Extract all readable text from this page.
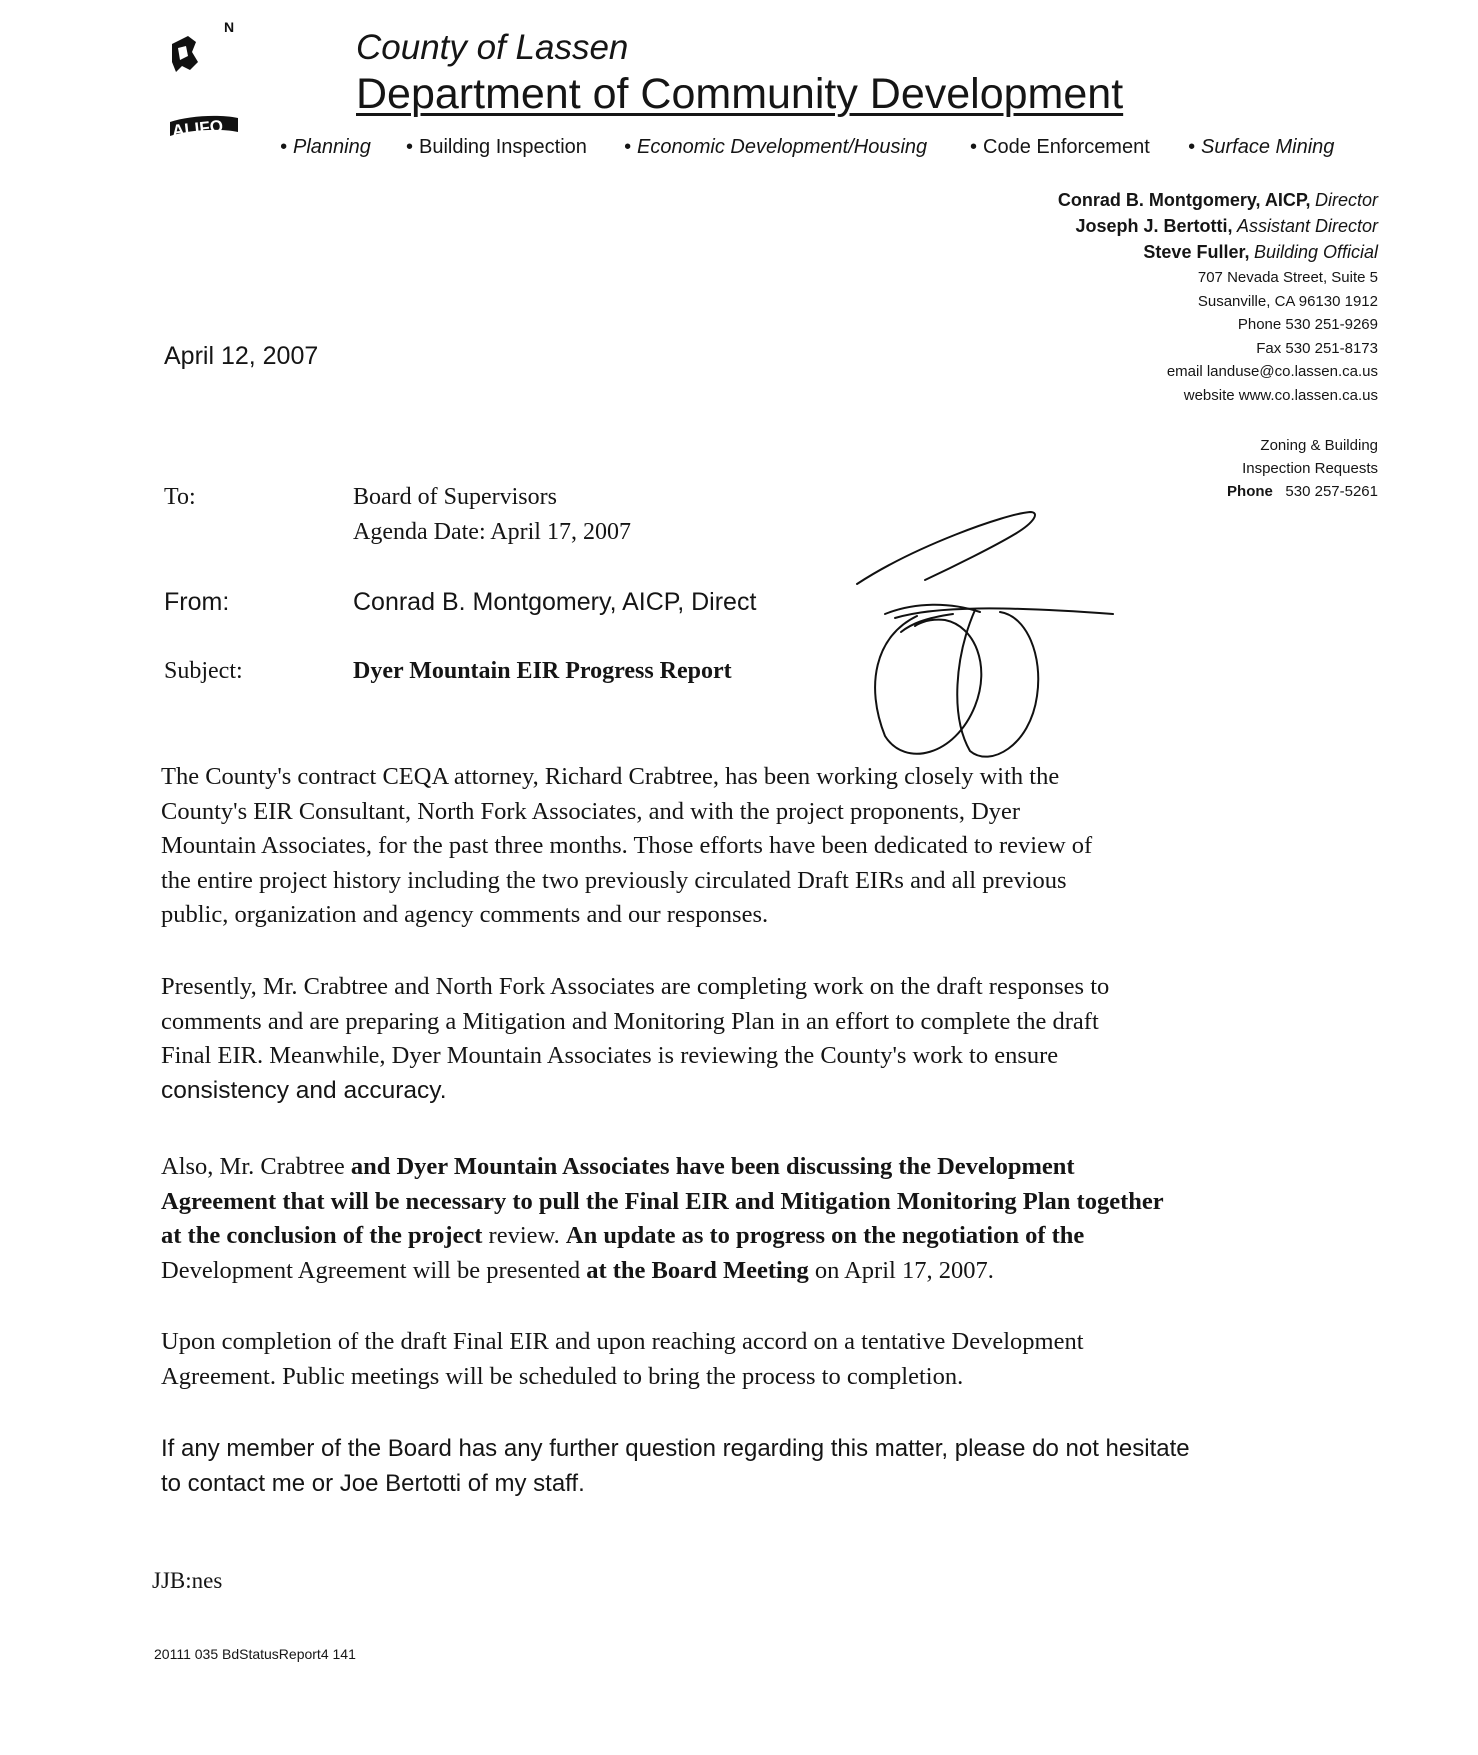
N
ALIFO
County of Lassen
Department of Community Development
• Planning • Building Inspection • Economic Development/Housing • Code Enforcement • Surface Mining
Conrad B. Montgomery, AICP, Director
Joseph J. Bertotti, Assistant Director
Steve Fuller, Building Official
707 Nevada Street, Suite 5
Susanville, CA 96130 1912
Phone 530 251-9269
Fax 530 251-8173
email landuse@co.lassen.ca.us
website www.co.lassen.ca.us
Zoning & Building
Inspection Requests
Phone 530 257-5261
April 12, 2007
To:	Board of Supervisors
Agenda Date: April 17, 2007
From:	Conrad B. Montgomery, AICP, Direct
Subject:	Dyer Mountain EIR Progress Report
The County's contract CEQA attorney, Richard Crabtree, has been working closely with the
County's EIR Consultant, North Fork Associates, and with the project proponents, Dyer
Mountain Associates, for the past three months. Those efforts have been dedicated to review of
the entire project history including the two previously circulated Draft EIRs and all previous
public, organization and agency comments and our responses.
Presently, Mr. Crabtree and North Fork Associates are completing work on the draft responses to
comments and are preparing a Mitigation and Monitoring Plan in an effort to complete the draft
Final EIR. Meanwhile, Dyer Mountain Associates is reviewing the County's work to ensure
consistency and accuracy.
Also, Mr. Crabtree and Dyer Mountain Associates have been discussing the Development
Agreement that will be necessary to pull the Final EIR and Mitigation Monitoring Plan together
at the conclusion of the project review. An update as to progress on the negotiation of the
Development Agreement will be presented at the Board Meeting on April 17, 2007.
Upon completion of the draft Final EIR and upon reaching accord on a tentative Development
Agreement. Public meetings will be scheduled to bring the process to completion.
If any member of the Board has any further question regarding this matter, please do not hesitate
to contact me or Joe Bertotti of my staff.
JJB:nes
20111 035 BdStatusReport4 141
